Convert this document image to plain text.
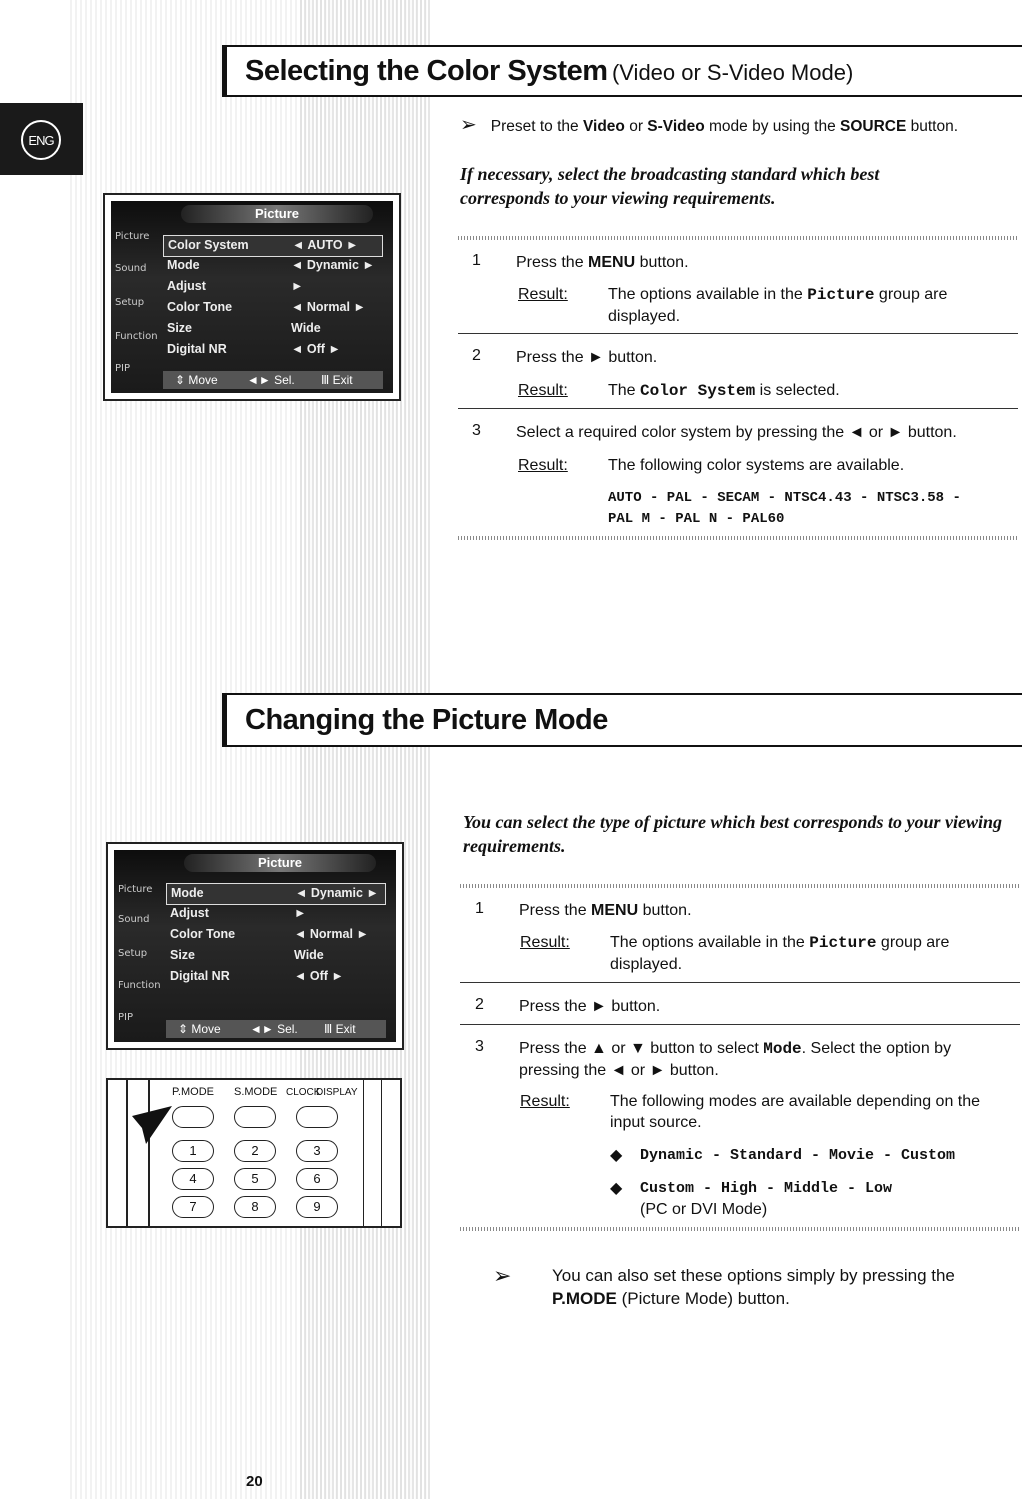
ENG
Selecting the Color System (Video or S-Video Mode)
➢ Preset to the Video or S-Video mode by using the SOURCE button.
If necessary, select the broadcasting standard which best corresponds to your viewing requirements.
Picture
Picture
Sound
Setup
Function
PIP
Color System	◄ AUTO ►
Mode	◄ Dynamic ►
Adjust	►
Color Tone	◄ Normal ►
Size	Wide
Digital NR	◄ Off ►
⇕ Move ◄► Sel. Ⅲ Exit
1 Press the MENU button.
Result:	The options available in the Picture group are displayed.
2 Press the ► button.
Result:	The Color System is selected.
3 Select a required color system by pressing the ◄ or ► button.
Result:	The following color systems are available.
AUTO - PAL - SECAM - NTSC4.43 - NTSC3.58 -
PAL M - PAL N - PAL60
Changing the Picture Mode
You can select the type of picture which best corresponds to your viewing requirements.
Picture
Picture
Sound
Setup
Function
PIP
Mode	◄ Dynamic ►
Adjust	►
Color Tone	◄ Normal ►
Size	Wide
Digital NR	◄ Off ►
⇕ Move ◄► Sel. Ⅲ Exit
P.MODE S.MODE CLOCK
DISPLAY
1	2	3
4	5	6
7	8	9
1 Press the MENU button.
Result:	The options available in the Picture group are displayed.
2 Press the ► button.
3 Press the ▲ or ▼ button to select Mode. Select the option by pressing the ◄ or ► button.
Result:	The following modes are available depending on the input source.
◆ Dynamic - Standard - Movie - Custom
◆ Custom - High - Middle - Low
(PC or DVI Mode)
➢ You can also set these options simply by pressing the
P.MODE (Picture Mode) button.
20
